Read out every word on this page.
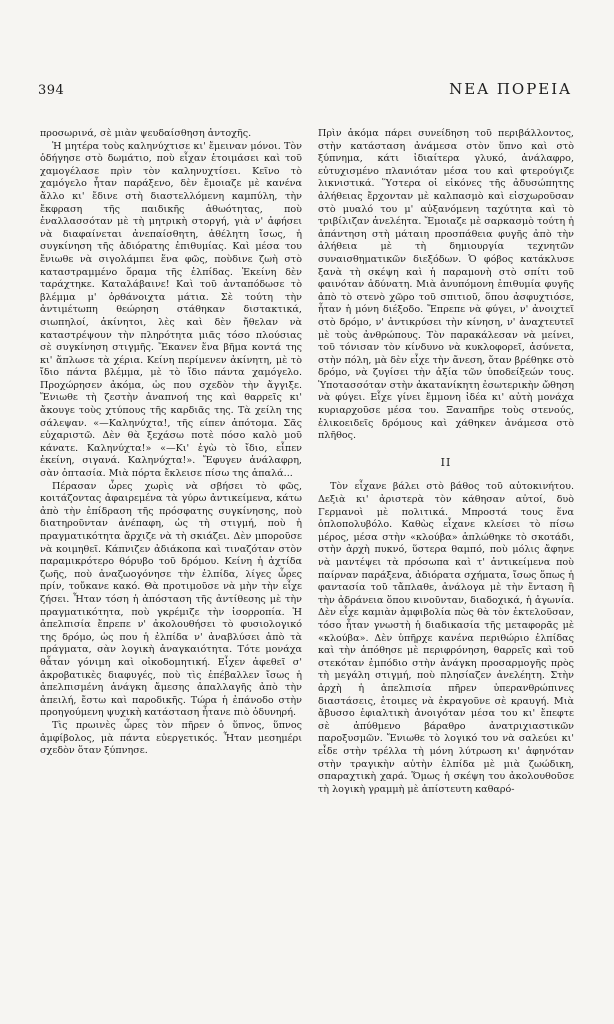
394	ΝΕΑ ΠΟΡΕΙΑ

προσωρινά, σὲ μιὰν ψευδαίσθηση ἀντοχῆς.

Ἡ μητέρα τοὺς καληνύχτισε κι' ἔμειναν μόνοι. Τὸν ὁδήγησε στὸ δωμάτιο, ποὺ εἶχαν ἑτοιμάσει καὶ τοῦ χαμογέλασε πρὶν τὸν καληνυχτίσει. Κεῖνο τὸ χαμόγελο ἦταν παράξενο, δὲν ἔμοιαζε μὲ κανένα ἄλλο κι' ἔδινε στὴ διαστελλόμενη καμπύλη, τὴν ἔκφραση τῆς παιδικῆς ἀθωότητας, ποὺ ἐναλλασσόταν μὲ τὴ μητρικὴ στοργή, γιὰ ν' ἀφήσει νὰ διαφαίνεται ἀνεπαίσθητη, ἀθέλητη ἴσως, ἡ συγκίνηση τῆς ἀδιόρατης ἐπιθυμίας. Καὶ μέσα του ἔνιωθε νὰ σιγολάμπει ἕνα φῶς, ποὺδινε ζωὴ στὸ καταστραμμένο ὅραμα τῆς ἐλπίδας. Ἐκείνη δὲν ταράχτηκε. Καταλάβαινε! Καὶ τοῦ ἀνταπόδωσε τὸ βλέμμα μ' ὀρθάνοιχτα μάτια. Σὲ τούτη τὴν ἀντιμέτωπη θεώρηση στάθηκαν διστακτικά, σιωπηλοί, ἀκίνητοι, λὲς καὶ δὲν ἤθελαν νὰ καταστρέψουν τὴν πληρότητα μιᾶς τόσο πλούσιας σὲ συγκίνηση στιγμῆς. Ἔκανεν ἕνα βῆμα κοντά της κι' ἅπλωσε τὰ χέρια. Κείνη περίμενεν ἀκίνητη, μὲ τὸ ἴδιο πάντα βλέμμα, μὲ τὸ ἴδιο πάντα χαμόγελο. Προχώρησεν ἀκόμα, ὡς που σχεδὸν τὴν ἄγγιξε. Ἔνιωθε τὴ ζεστὴν ἀναπνοή της καὶ θαρρεῖς κι' ἄκουγε τοὺς χτύπους τῆς καρδιᾶς της. Τὰ χείλη της σάλεψαν. «—Καληνύχτα!, τῆς είπεν ἀπότομα. Σᾶς εὐχαριστῶ. Δὲν θὰ ξεχάσω ποτὲ πόσο καλὸ μοῦ κάνατε. Καληνύχτα!» «—Κι' ἐγὼ τὸ ἴδιο, εἶπεν ἐκείνη, σιγανά. Καληνύχτα!». Ἔφυγεν ἀνάλαφρη, σὰν ὀπτασία. Μιὰ πόρτα ἔκλεισε πίσω της ἁπαλά...

Πέρασαν ὧρες χωρὶς νὰ σβήσει τὸ φῶς, κοιτάζοντας ἀφαιρεμένα τὰ γύρω ἀντικείμενα, κάτω ἀπὸ τὴν ἐπίδραση τῆς πρόσφατης συγκίνησης, ποὺ διατηροῦνταν ἀνέπαφη, ὡς τὴ στιγμή, ποὺ ἡ πραγματικότητα ἄρχιζε νὰ τὴ σκιάζει. Δὲν μποροῦσε νὰ κοιμηθεῖ. Κάπνιζεν ἀδιάκοπα καὶ τιναζόταν στὸν παραμικρότερο θόρυβο τοῦ δρόμου. Κείνη ἡ ἀχτίδα ζωῆς, ποὺ ἀναζωογόνησε τὴν ἐλπίδα, λίγες ὧρες πρίν, τοὔκανε κακό. Θὰ προτιμοῦσε νὰ μὴν τὴν εἶχε ζήσει. Ἦταν τόση ἡ ἀπόσταση τῆς ἀντίθεσης μὲ τὴν πραγματικότητα, ποὺ γκρέμιζε τὴν ἰσορροπία. Ἡ ἀπελπισία ἔπρεπε ν' ἀκολουθήσει τὸ φυσιολογικό της δρόμο, ὡς που ἡ ἐλπίδα ν' ἀναβλύσει ἀπὸ τὰ πράγματα, σὰν λογικὴ ἀναγκαιότητα. Τότε μονάχα θἆταν γόνιμη καὶ οἰκοδομητική. Εἶχεν ἀφεθεῖ σ' ἀκροβατικὲς διαφυγές, ποὺ τὶς ἐπέβαλλεν ἴσως ἡ ἀπελπισμένη ἀνάγκη ἄμεσης ἀπαλλαγῆς ἀπὸ τὴν ἀπειλή, ἔστω καὶ παροδικῆς. Τώρα ἡ ἐπάνοδο στὴν προηγούμενη ψυχικὴ κατάσταση ἦτανε πιὸ ὀδυνηρή.

Τὶς πρωινὲς ὧρες τὸν πῆρεν ὁ ὕπνος, ὕπνος ἀμφίβολος, μὰ πάντα εὐεργετικός. Ἦταν μεσημέρι σχεδὸν ὅταν ξύπνησε.

Πρὶν ἀκόμα πάρει συνείδηση τοῦ περιβάλλοντος, στὴν κατάσταση ἀνάμεσα στὸν ὕπνο καὶ στὸ ξύπνημα, κάτι ἰδιαίτερα γλυκό, ἀνάλαφρο, εὐτυχισμένο πλανιόταν μέσα του καὶ φτερούγιζε λικνιστικά. Ὕστερα οἱ εἰκόνες τῆς ἀδυσώπητης ἀλήθειας ἔρχονταν μὲ καλπασμὸ καὶ εἰσχωροῦσαν στὸ μυαλό του μ' αὐξανόμενη ταχύτητα καὶ τὸ τριβίλιζαν ἀνελέητα. Ἔμοιαζε μὲ σαρκασμὸ τούτη ἡ ἀπάντηση στὴ μάταιη προσπάθεια φυγῆς ἀπὸ τὴν ἀλήθεια μὲ τὴ δημιουργία τεχνητῶν συναισθηματικῶν διεξόδων. Ὁ φόβος κατάκλυσε ξανὰ τὴ σκέψη καὶ ἡ παραμονὴ στὸ σπίτι τοῦ φαινόταν ἀδύνατη. Μιὰ ἀνυπόμονη ἐπιθυμία φυγῆς ἀπὸ τὸ στενὸ χῶρο τοῦ σπιτιοῦ, ὅπου ἀσφυχτιόσε, ἦταν ἡ μόνη διέξοδο. Ἔπρεπε νὰ φύγει, ν' ἀνοιχτεῖ στὸ δρόμο, ν' ἀντικρύσει τὴν κίνηση, ν' ἀναχτευτεῖ μὲ τοὺς ἀνθρώπους. Τὸν παρακάλεσαν νὰ μείνει, τοῦ τόνισαν τὸν κίνδυνο νὰ κυκλοφορεῖ, ἀσύνετα, στὴν πόλη, μὰ δὲν εἶχε τὴν ἄνεση, ὅταν βρέθηκε στὸ δρόμο, νὰ ζυγίσει τὴν ἀξία τῶν ὑποδείξεών τους. Ὑποτασσόταν στὴν ἀκατανίκητη ἐσωτερικὴν ὤθηση νὰ φύγει. Εἶχε γίνει ἔμμονη ἰδέα κι' αὐτὴ μονάχα κυριαρχοῦσε μέσα του. Ξαναπῆρε τοὺς στενούς, ἑλικοειδεῖς δρόμους καὶ χάθηκεν ἀνάμεσα στὸ πλῆθος.

II

Τὸν εἶχανε βάλει στὸ βάθος τοῦ αὐτοκινήτου. Δεξιὰ κι' ἀριστερὰ τὸν κάθησαν αὐτοί, δυὸ Γερμανοὶ μὲ πολιτικά. Μπροστά τους ἕνα ὁπλοπολυβόλο. Καθὼς εἶχανε κλείσει τὸ πίσω μέρος, μέσα στὴν «κλούβα» ἁπλώθηκε τὸ σκοτάδι, στὴν ἀρχὴ πυκνό, ὕστερα θαμπό, ποὺ μόλις ἄφηνε νὰ μαντέψει τὰ πρόσωπα καὶ τ' ἀντικείμενα ποὺ παίρναν παράξενα, ἀδιόρατα σχήματα, ἴσως ὅπως ἡ φαντασία τοῦ τἄπλαθε, ἀνάλογα μὲ τὴν ἔνταση ἢ τὴν ἀδράνεια ὅπου κινοῦνταν, διαδοχικά, ἡ ἀγωνία. Δὲν εἶχε καμιὰν ἀμφιβολία πὼς θὰ τὸν ἐκτελοῦσαν, τόσο ἦταν γνωστὴ ἡ διαδικασία τῆς μεταφορᾶς μὲ «κλούβα». Δὲν ὑπῆρχε κανένα περιθώριο ἐλπίδας καὶ τὴν ἀπόθησε μὲ περιφρόνηση, θαρρεῖς καὶ τοῦ στεκόταν ἐμπόδιο στὴν ἀνάγκη προσαρμογῆς πρὸς τὴ μεγάλη στιγμή, ποὺ πλησίαζεν ἀνελέητη. Στὴν ἀρχὴ ἡ ἀπελπισία πῆρεν ὑπερανθρώπινες διαστάσεις, ἑτοιμες νὰ ἐκραγοῦνε σὲ κραυγή. Μιὰ ἄβυσσο ἐφιαλτικὴ ἀνοιγόταν μέσα του κι' ἔπεφτε σὲ ἀπύθμενο βάραθρο ἀνατριχιαστικῶν παροξυσμῶν. Ἔνιωθε τὸ λογικό του νὰ σαλεύει κι' εἶδε στὴν τρέλλα τὴ μόνη λύτρωση κι' ἀφηνόταν στὴν τραγικὴν αὐτὴν ἐλπίδα μὲ μιὰ ζωώδικη, σπαραχτικὴ χαρά. Ὅμως ἡ σκέψη του ἀκολουθοῦσε τὴ λογικὴ γραμμὴ μὲ ἀπίστευτη καθαρό-
